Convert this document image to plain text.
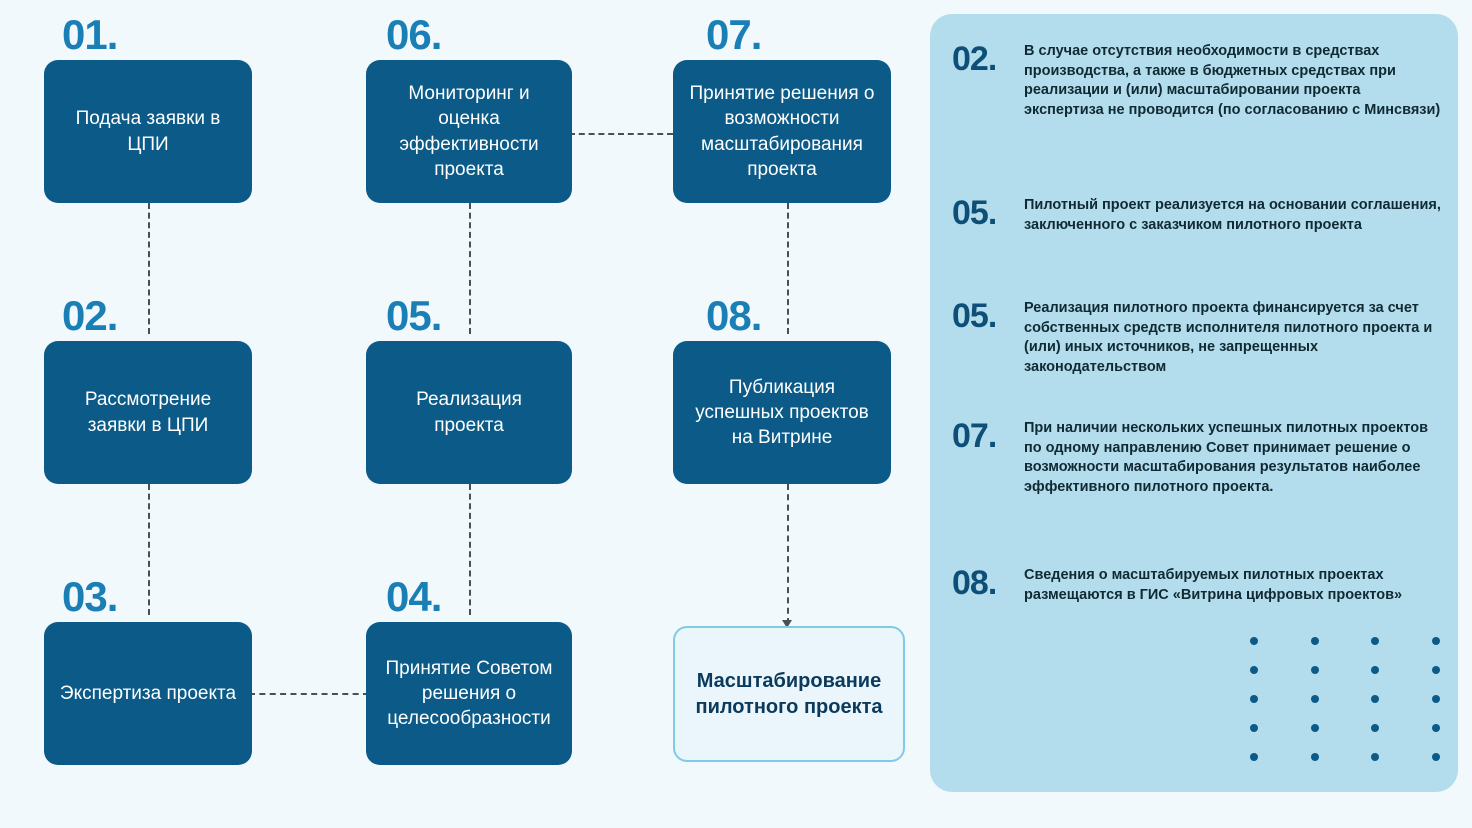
01.
Подача заявки в ЦПИ
02.
Рассмотрение заявки в ЦПИ
03.
Экспертиза проекта
06.
Мониторинг и оценка эффективности проекта
05.
Реализация проекта
04.
Принятие Советом решения о целесообразности
07.
Принятие решения о возможности масштабирования проекта
08.
Публикация успешных проектов на Витрине
Масштабирование пилотного проекта
02.	В случае отсутствия необходимости в средствах производства, а также в бюджетных средствах при реализации и (или) масштабировании проекта экспертиза не проводится (по согласованию с Минсвязи)
05.	Пилотный проект реализуется на основании соглашения, заключенного с заказчиком пилотного проекта
05.	Реализация пилотного проекта финансируется за счет собственных средств исполнителя пилотного проекта и (или) иных источников, не запрещенных законодательством
07.	При наличии нескольких успешных пилотных проектов по одному направлению Совет принимает решение о возможности масштабирования результатов наиболее эффективного пилотного проекта.
08.	Сведения о масштабируемых пилотных проектах размещаются в ГИС «Витрина цифровых проектов»
